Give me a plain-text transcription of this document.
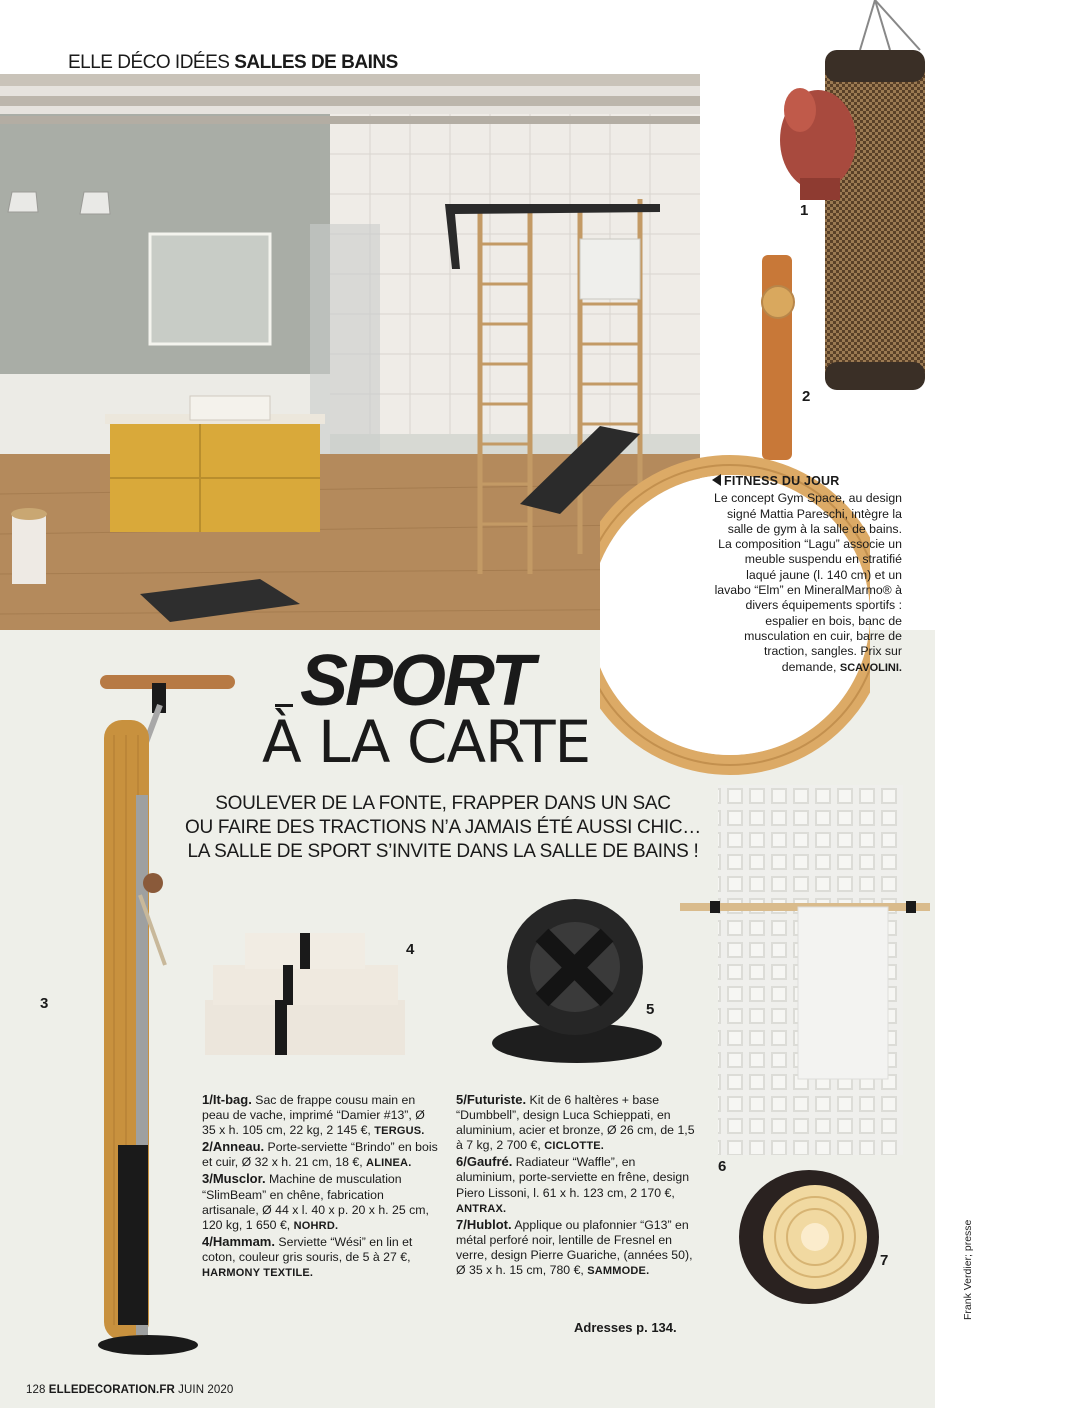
ELLE DÉCO IDÉES SALLES DE BAINS
1
2
FITNESS DU JOUR
Le concept Gym Space, au design signé Mattia Pareschi, intègre la salle de gym à la salle de bains. La composition “Lagu” associe un meuble suspendu en stratifié laqué jaune (l. 140 cm) et un lavabo “Elm” en MineralMarmo® à divers équipements sportifs : espalier en bois, banc de musculation en cuir, barre de traction, sangles. Prix sur demande, SCAVOLINI.
SPORT
À LA CARTE
SOULEVER DE LA FONTE, FRAPPER DANS UN SAC
OU FAIRE DES TRACTIONS N’A JAMAIS ÉTÉ AUSSI CHIC…
LA SALLE DE SPORT S’INVITE DANS LA SALLE DE BAINS !
3
4
5
6
7

1/It-bag. Sac de frappe cousu main en peau de vache, imprimé “Damier #13”, Ø 35 x h. 105 cm, 22 kg, 2 145 €, TERGUS.

2/Anneau. Porte-serviette “Brindo” en bois et cuir, Ø 32 x h. 21 cm, 18 €, ALINEA.

3/Musclor. Machine de musculation “SlimBeam” en chêne, fabrication artisanale, Ø 44 x l. 40 x p. 20 x h. 25 cm, 120 kg, 1 650 €, NOHRD.

4/Hammam. Serviette “Wési” en lin et coton, couleur gris souris, de 5 à 27 €, HARMONY TEXTILE.

5/Futuriste. Kit de 6 haltères + base “Dumbbell”, design Luca Schieppati, en aluminium, acier et bronze, Ø 26 cm, de 1,5 à 7 kg, 2 700 €, CICLOTTE.

6/Gaufré. Radiateur “Waffle”, en aluminium, porte-serviette en frêne, design Piero Lissoni, l. 61 x h. 123 cm, 2 170 €, ANTRAX.

7/Hublot. Applique ou plafonnier “G13” en métal perforé noir, lentille de Fresnel en verre, design Pierre Guariche, (années 50), Ø 35 x h. 15 cm, 780 €, SAMMODE.

Adresses p. 134.
128 ELLEDECORATION.FR JUIN 2020
Frank Verdier; presse
